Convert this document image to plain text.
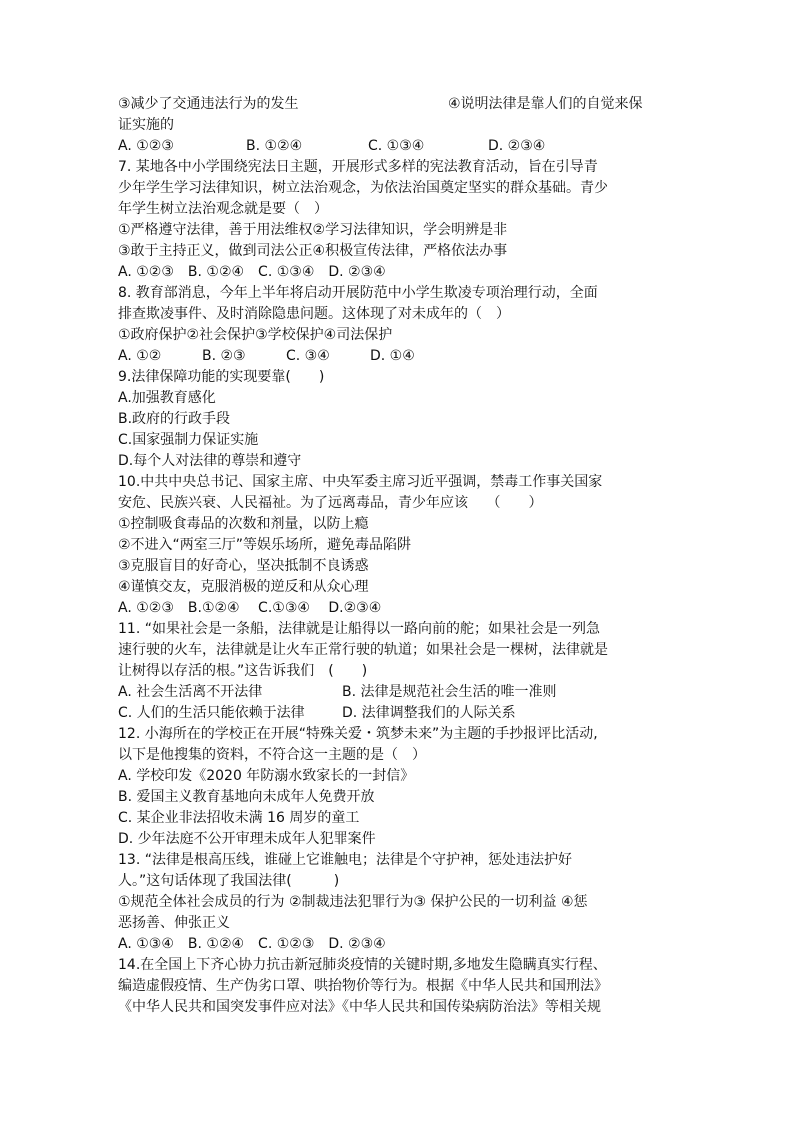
③减少了交通违法行为的发生	④说明法律是靠人们的自觉来保
证实施的
A. ①②③	B. ①②④	C. ①③④	D. ②③④
7. 某地各中小学围绕宪法日主题，开展形式多样的宪法教育活动，旨在引导青
少年学生学习法律知识，树立法治观念，为依法治国奠定坚实的群众基础。青少
年学生树立法治观念就是要（　）
①严格遵守法律，善于用法维权②学习法律知识，学会明辨是非
③敢于主持正义，做到司法公正④积极宣传法律，严格依法办事
A. ①②③　B. ①②④　C. ①③④　D. ②③④
8. 教育部消息，今年上半年将启动开展防范中小学生欺凌专项治理行动，全面
排查欺凌事件、及时消除隐患问题。这体现了对未成年的（　）
①政府保护②社会保护③学校保护④司法保护
A. ①②	B. ②③	C. ③④	D. ①④
9.法律保障功能的实现要靠(　　)
A.加强教育感化
B.政府的行政手段
C.国家强制力保证实施
D.每个人对法律的尊崇和遵守
10.中共中央总书记、国家主席、中央军委主席习近平强调，禁毒工作事关国家
安危、民族兴衰、人民福祉。为了远离毒品，青少年应该　 （　　）
①控制吸食毒品的次数和剂量，以防上瘾
②不进入“两室三厅”等娱乐场所，避免毒品陷阱
③克服盲目的好奇心，坚决抵制不良诱惑
④谨慎交友，克服消极的逆反和从众心理
A. ①②③　B.①②④　 C.①③④　 D.②③④
11. “如果社会是一条船，法律就是让船得以一路向前的舵；如果社会是一列急
速行驶的火车，法律就是让火车正常行驶的轨道；如果社会是一棵树，法律就是
让树得以存活的根。”这告诉我们　(　　)
A. 社会生活离不开法律	B. 法律是规范社会生活的唯一准则
C. 人们的生活只能依赖于法律	D. 法律调整我们的人际关系
12. 小海所在的学校正在开展“特殊关爱・筑梦未来”为主题的手抄报评比活动,
以下是他搜集的资料，不符合这一主题的是（　）
A. 学校印发《2020 年防溺水致家长的一封信》
B. 爱国主义教育基地向未成年人免费开放
C. 某企业非法招收未满 16 周岁的童工
D. 少年法庭不公开审理未成年人犯罪案件
13. “法律是根高压线，谁碰上它谁触电；法律是个守护神，惩处违法护好
人。”这句话体现了我国法律(　　　)
①规范全体社会成员的行为 ②制裁违法犯罪行为③ 保护公民的一切利益 ④惩
恶扬善、伸张正义
A. ①③④　B. ①②④　C. ①②③　D. ②③④
14.在全国上下齐心协力抗击新冠肺炎疫情的关键时期,多地发生隐瞒真实行程、
编造虚假疫情、生产伪劣口罩、哄抬物价等行为。根据《中华人民共和国刑法》
《中华人民共和国突发事件应对法》《中华人民共和国传染病防治法》等相关规
